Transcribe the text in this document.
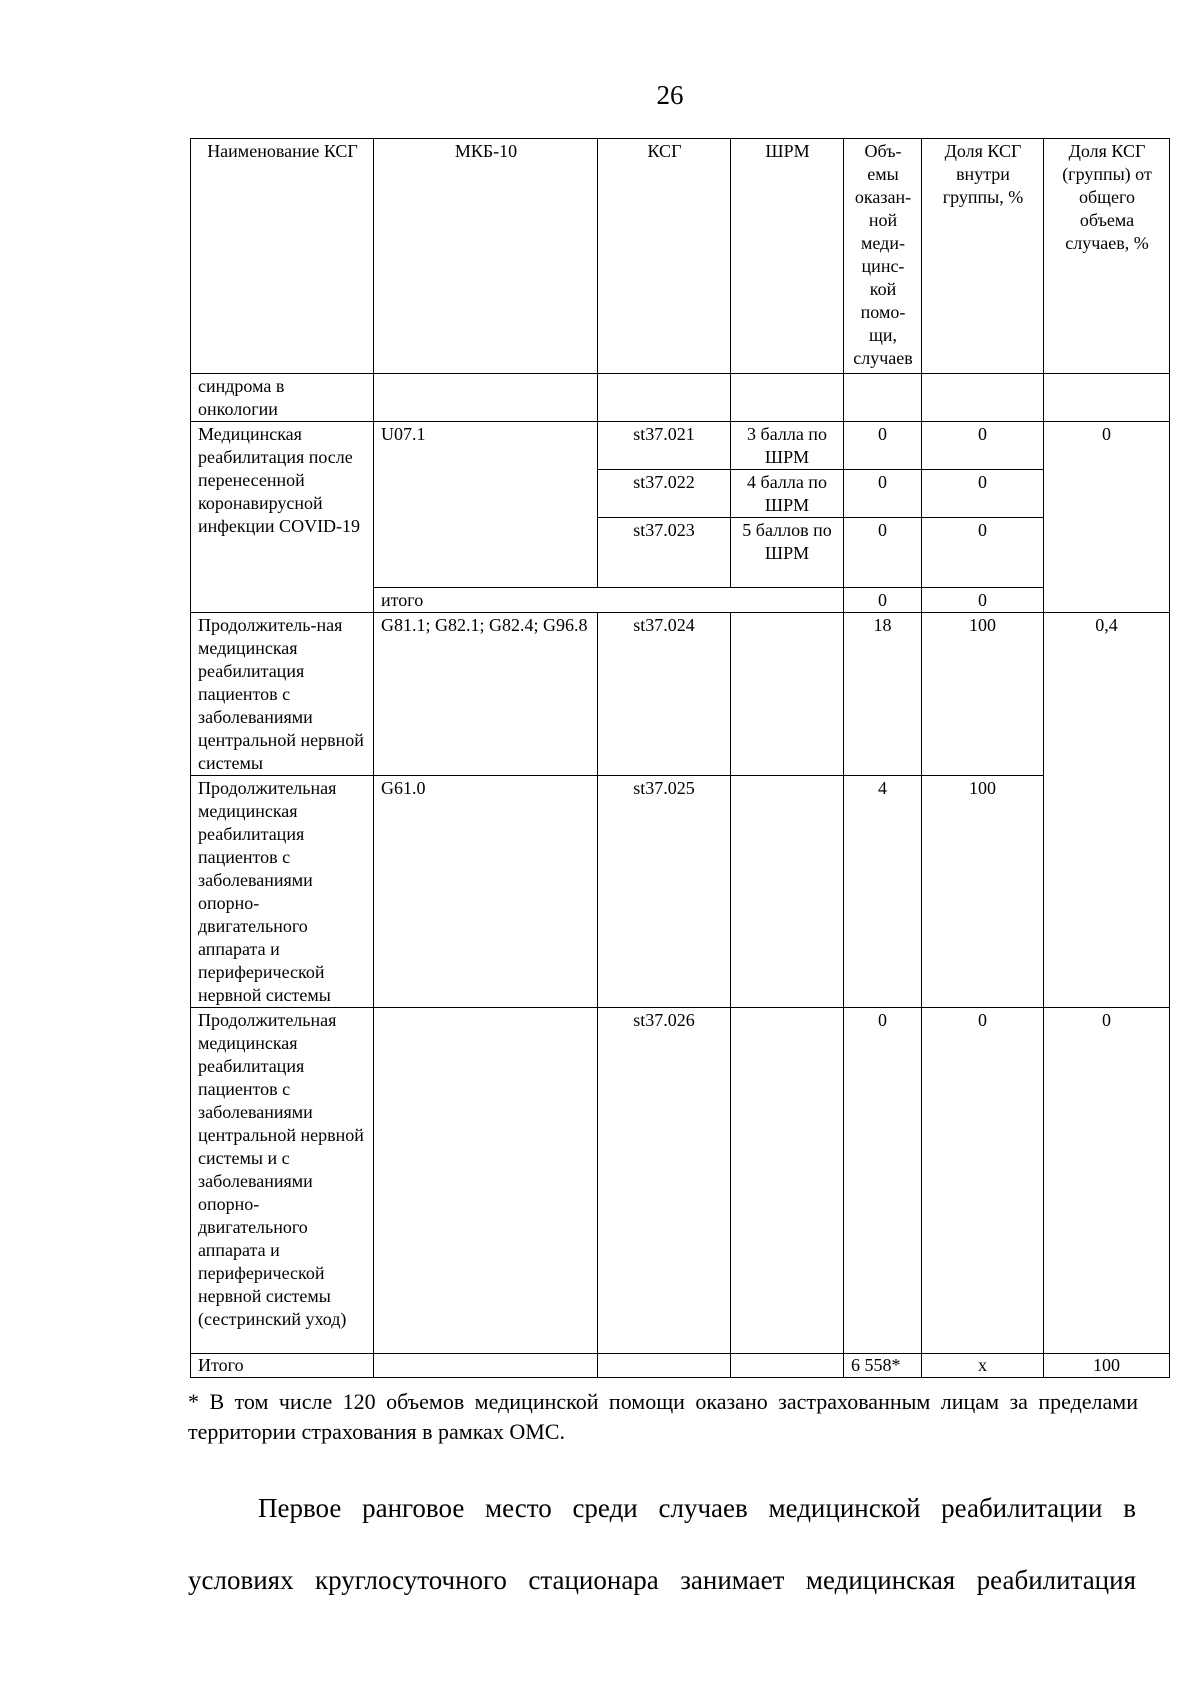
26
Наименование КСГ	МКБ-10	КСГ	ШРМ	Объ-емы оказан-ной меди-цинс-кой помо-щи, случаев	Доля КСГ внутри группы, %	Доля КСГ (группы) от общего объема случаев, %
синдрома в онкологии						
Медицинская реабилитация после перенесенной коронавирусной инфекции COVID-19	U07.1	st37.021	3 балла по ШРМ	0	0	0
		st37.022	4 балла по ШРМ	0	0	
		st37.023	5 баллов по ШРМ	0	0	
	итого			0	0	
Продолжитель-ная медицинская реабилитация пациентов с заболеваниями центральной нервной системы	G81.1; G82.1; G82.4; G96.8	st37.024		18	100	0,4
Продолжительная медицинская реабилитация пациентов с заболеваниями опорно-двигательного аппарата и периферической нервной системы	G61.0	st37.025		4	100	
Продолжительная медицинская реабилитация пациентов с заболеваниями центральной нервной системы и с заболеваниями опорно-двигательного аппарата и периферической нервной системы (сестринский уход)		st37.026		0	0	0
Итого				6 558*	x	100
* В том числе 120 объемов медицинской помощи оказано застрахованным лицам за пределами территории страхования в рамках ОМС.
Первое ранговое место среди случаев медицинской реабилитации в
условиях круглосуточного стационара занимает медицинская реабилитация
